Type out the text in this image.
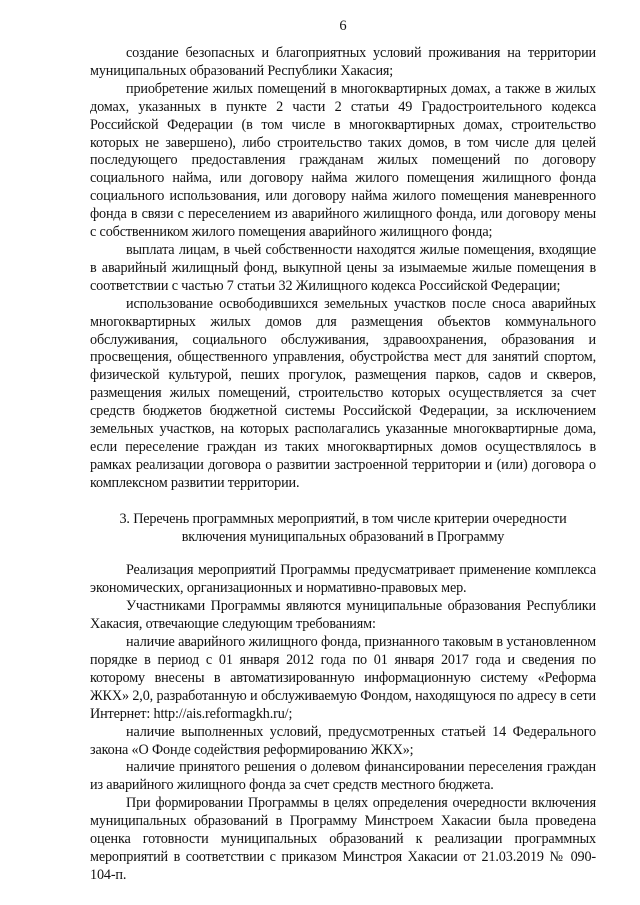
6

создание безопасных и благоприятных условий проживания на территории муниципальных образований Республики Хакасия;

приобретение жилых помещений в многоквартирных домах, а также в жилых домах, указанных в пункте 2 части 2 статьи 49 Градостроительного кодекса Российской Федерации (в том числе в многоквартирных домах, строительство которых не завершено), либо строительство таких домов, в том числе для целей последующего предоставления гражданам жилых помещений по договору социального найма, или договору найма жилого помещения жилищного фонда социального использования, или договору найма жилого помещения маневренного фонда в связи с переселением из аварийного жилищного фонда, или договору мены с собственником жилого помещения аварийного жилищного фонда;

выплата лицам, в чьей собственности находятся жилые помещения, входящие в аварийный жилищный фонд, выкупной цены за изымаемые жилые помещения в соответствии с частью 7 статьи 32 Жилищного кодекса Российской Федерации;

использование освободившихся земельных участков после сноса аварийных многоквартирных жилых домов для размещения объектов коммунального обслуживания, социального обслуживания, здравоохранения, образования и просвещения, общественного управления, обустройства мест для занятий спортом, физической культурой, пеших прогулок, размещения парков, садов и скверов, размещения жилых помещений, строительство которых осуществляется за счет средств бюджетов бюджетной системы Российской Федерации, за исключением земельных участков, на которых располагались указанные многоквартирные дома, если переселение граждан из таких многоквартирных домов осуществлялось в рамках реализации договора о развитии застроенной территории и (или) договора о комплексном развитии территории.

3. Перечень программных мероприятий, в том числе критерии очередности
включения муниципальных образований в Программу

Реализация мероприятий Программы предусматривает применение комплекса экономических, организационных и нормативно-правовых мер.

Участниками Программы являются муниципальные образования Республики Хакасия, отвечающие следующим требованиям:

наличие аварийного жилищного фонда, признанного таковым в установленном порядке в период с 01 января 2012 года по 01 января 2017 года и сведения по которому внесены в автоматизированную информационную систему «Реформа ЖКХ» 2,0, разработанную и обслуживаемую Фондом, находящуюся по адресу в сети Интернет: http://ais.reformagkh.ru/;

наличие выполненных условий, предусмотренных статьей 14 Федерального закона «О Фонде содействия реформированию ЖКХ»;

наличие принятого решения о долевом финансировании переселения граждан из аварийного жилищного фонда за счет средств местного бюджета.

При формировании Программы в целях определения очередности включения муниципальных образований в Программу Минстроем Хакасии была проведена оценка готовности муниципальных образований к реализации программных мероприятий в соответствии с приказом Минстроя Хакасии от 21.03.2019 № 090-104-п.
